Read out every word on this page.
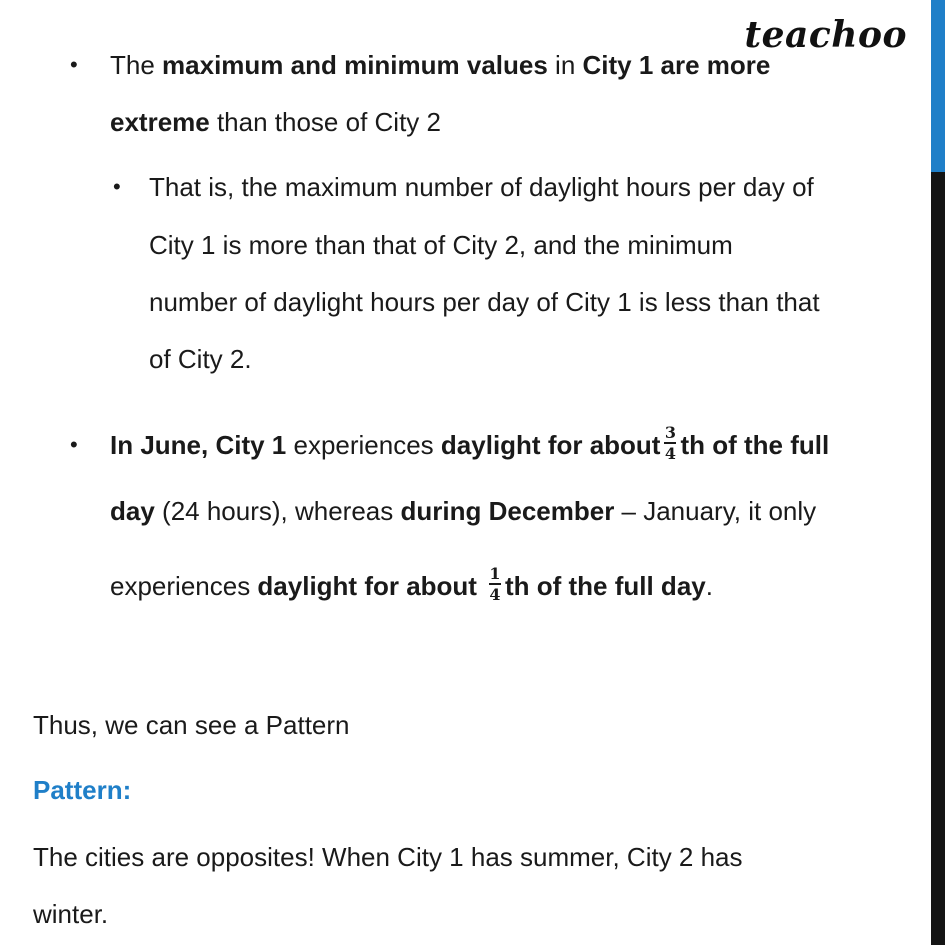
teachoo
• The maximum and minimum values in City 1 are more
extreme than those of City 2
• That is, the maximum number of daylight hours per day of
City 1 is more than that of City 2, and the minimum
number of daylight hours per day of City 1 is less than that
of City 2.
• In June, City 1 experiences daylight for about $\frac{3}{4}$ th of the full
day (24 hours), whereas during December – January, it only
experiences daylight for about $\frac{1}{4}$ th of the full day.
Thus, we can see a Pattern
Pattern:
The cities are opposites! When City 1 has summer, City 2 has
winter.
